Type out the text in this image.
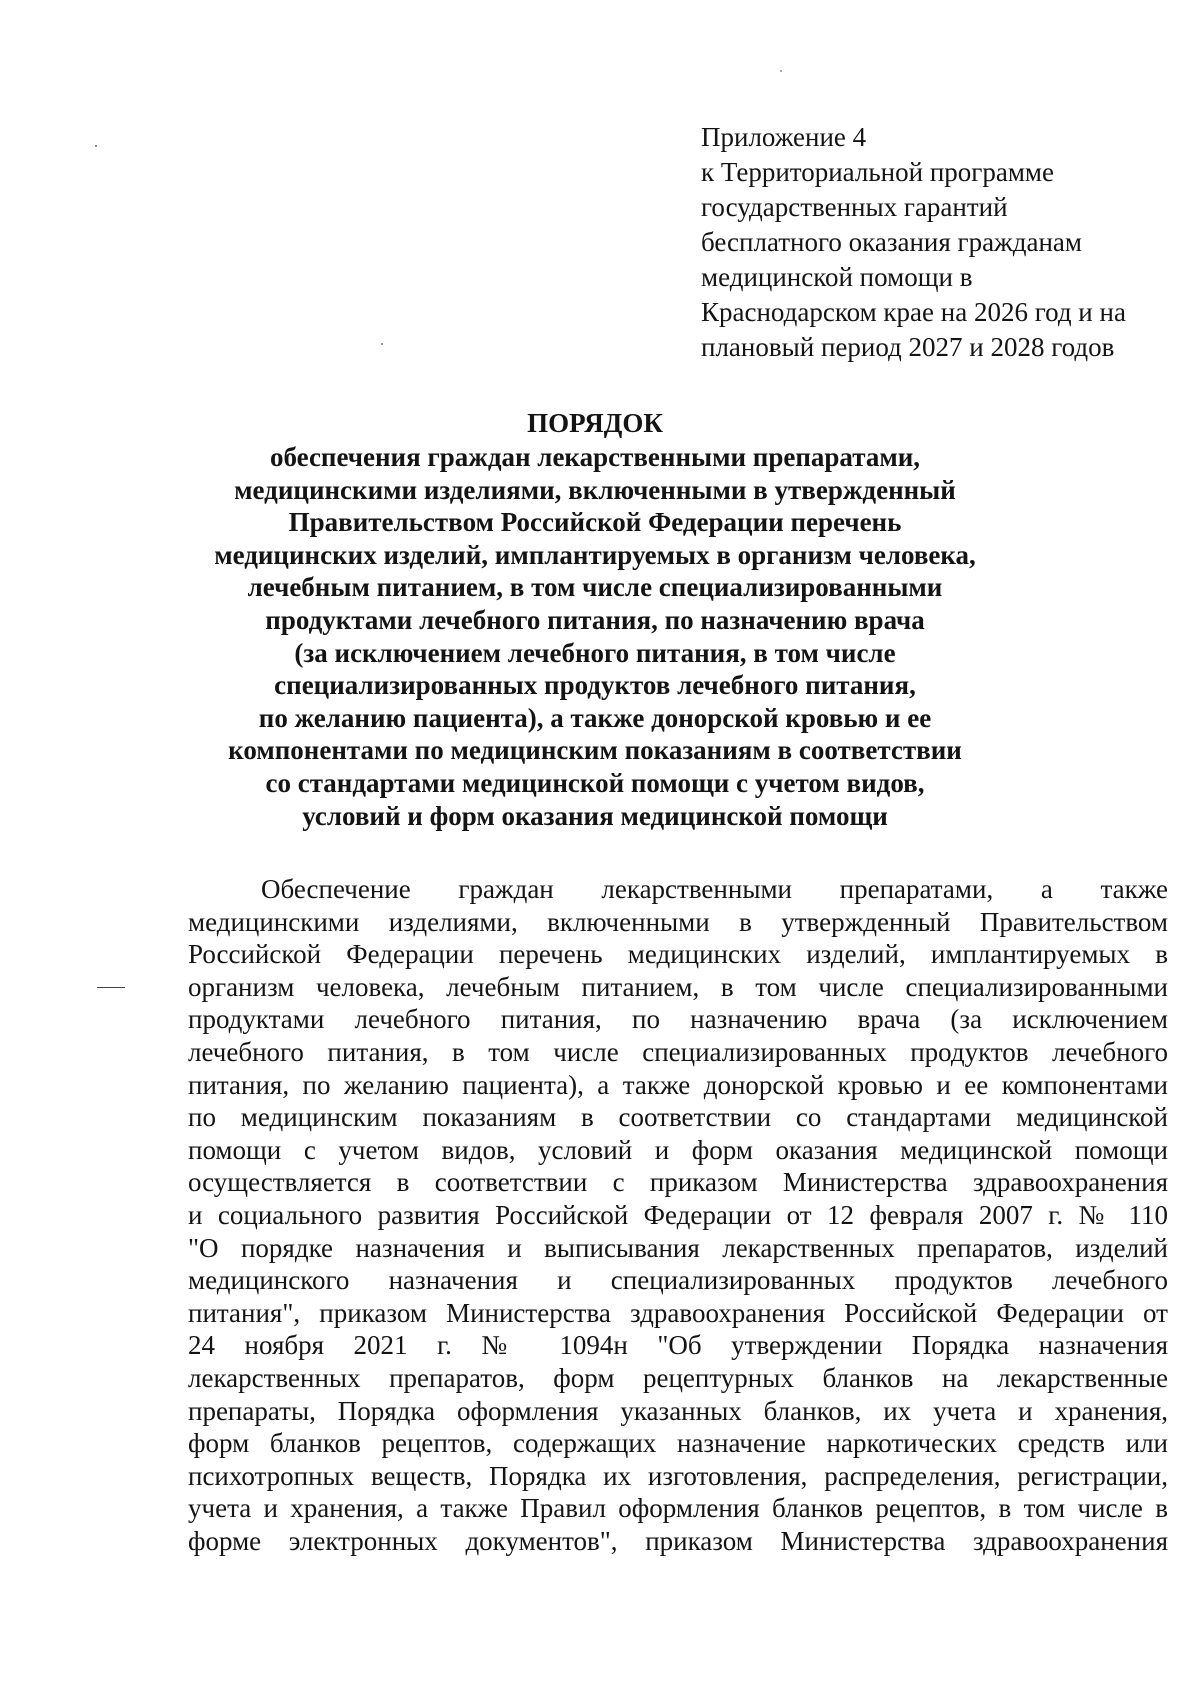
Приложение 4
к Территориальной программе
государственных гарантий
бесплатного оказания гражданам
медицинской помощи в
Краснодарском крае на 2026 год и на
плановый период 2027 и 2028 годов
ПОРЯДОК
обеспечения граждан лекарственными препаратами,
медицинскими изделиями, включенными в утвержденный
Правительством Российской Федерации перечень
медицинских изделий, имплантируемых в организм человека,
лечебным питанием, в том числе специализированными
продуктами лечебного питания, по назначению врача
(за исключением лечебного питания, в том числе
специализированных продуктов лечебного питания,
по желанию пациента), а также донорской кровью и ее
компонентами по медицинским показаниям в соответствии
со стандартами медицинской помощи с учетом видов,
условий и форм оказания медицинской помощи
Обеспечение граждан лекарственными препаратами, а также
медицинскими изделиями, включенными в утвержденный Правительством
Российской Федерации перечень медицинских изделий, имплантируемых в
организм человека, лечебным питанием, в том числе специализированными
продуктами лечебного питания, по назначению врача (за исключением
лечебного питания, в том числе специализированных продуктов лечебного
питания, по желанию пациента), а также донорской кровью и ее компонентами
по медицинским показаниям в соответствии со стандартами медицинской
помощи с учетом видов, условий и форм оказания медицинской помощи
осуществляется в соответствии с приказом Министерства здравоохранения
и социального развития Российской Федерации от 12 февраля 2007 г. № 110
"О порядке назначения и выписывания лекарственных препаратов, изделий
медицинского назначения и специализированных продуктов лечебного
питания", приказом Министерства здравоохранения Российской Федерации от
24 ноября 2021 г. № 1094н "Об утверждении Порядка назначения
лекарственных препаратов, форм рецептурных бланков на лекарственные
препараты, Порядка оформления указанных бланков, их учета и хранения,
форм бланков рецептов, содержащих назначение наркотических средств или
психотропных веществ, Порядка их изготовления, распределения, регистрации,
учета и хранения, а также Правил оформления бланков рецептов, в том числе в
форме электронных документов", приказом Министерства здравоохранения
